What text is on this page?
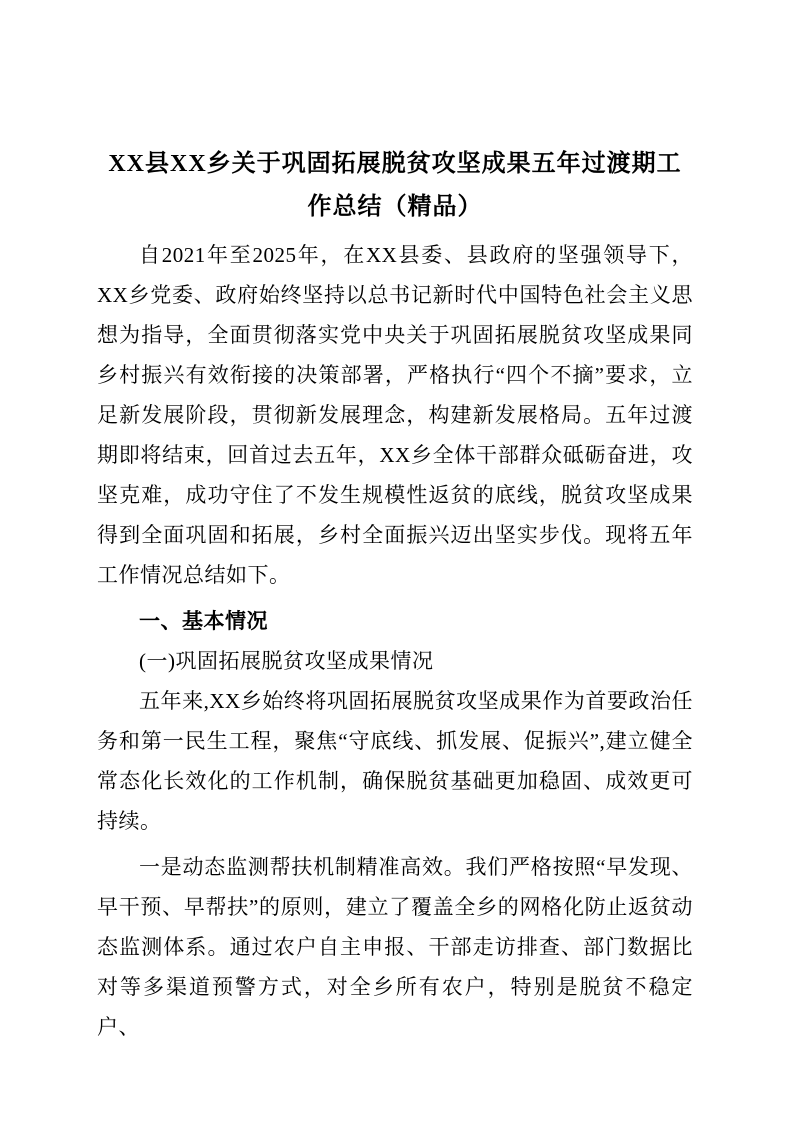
XX县XX乡关于巩固拓展脱贫攻坚成果五年过渡期工作总结（精品）

自2021年至2025年，在XX县委、县政府的坚强领导下，XX乡党委、政府始终坚持以总书记新时代中国特色社会主义思想为指导，全面贯彻落实党中央关于巩固拓展脱贫攻坚成果同乡村振兴有效衔接的决策部署，严格执行“四个不摘”要求，立足新发展阶段，贯彻新发展理念，构建新发展格局。五年过渡期即将结束，回首过去五年，XX乡全体干部群众砥砺奋进，攻坚克难，成功守住了不发生规模性返贫的底线，脱贫攻坚成果得到全面巩固和拓展，乡村全面振兴迈出坚实步伐。现将五年工作情况总结如下。

一、基本情况
(一)巩固拓展脱贫攻坚成果情况

五年来,XX乡始终将巩固拓展脱贫攻坚成果作为首要政治任务和第一民生工程，聚焦“守底线、抓发展、促振兴”,建立健全常态化长效化的工作机制，确保脱贫基础更加稳固、成效更可持续。

一是动态监测帮扶机制精准高效。我们严格按照“早发现、早干预、早帮扶”的原则，建立了覆盖全乡的网格化防止返贫动态监测体系。通过农户自主申报、干部走访排查、部门数据比对等多渠道预警方式，对全乡所有农户，特别是脱贫不稳定户、
